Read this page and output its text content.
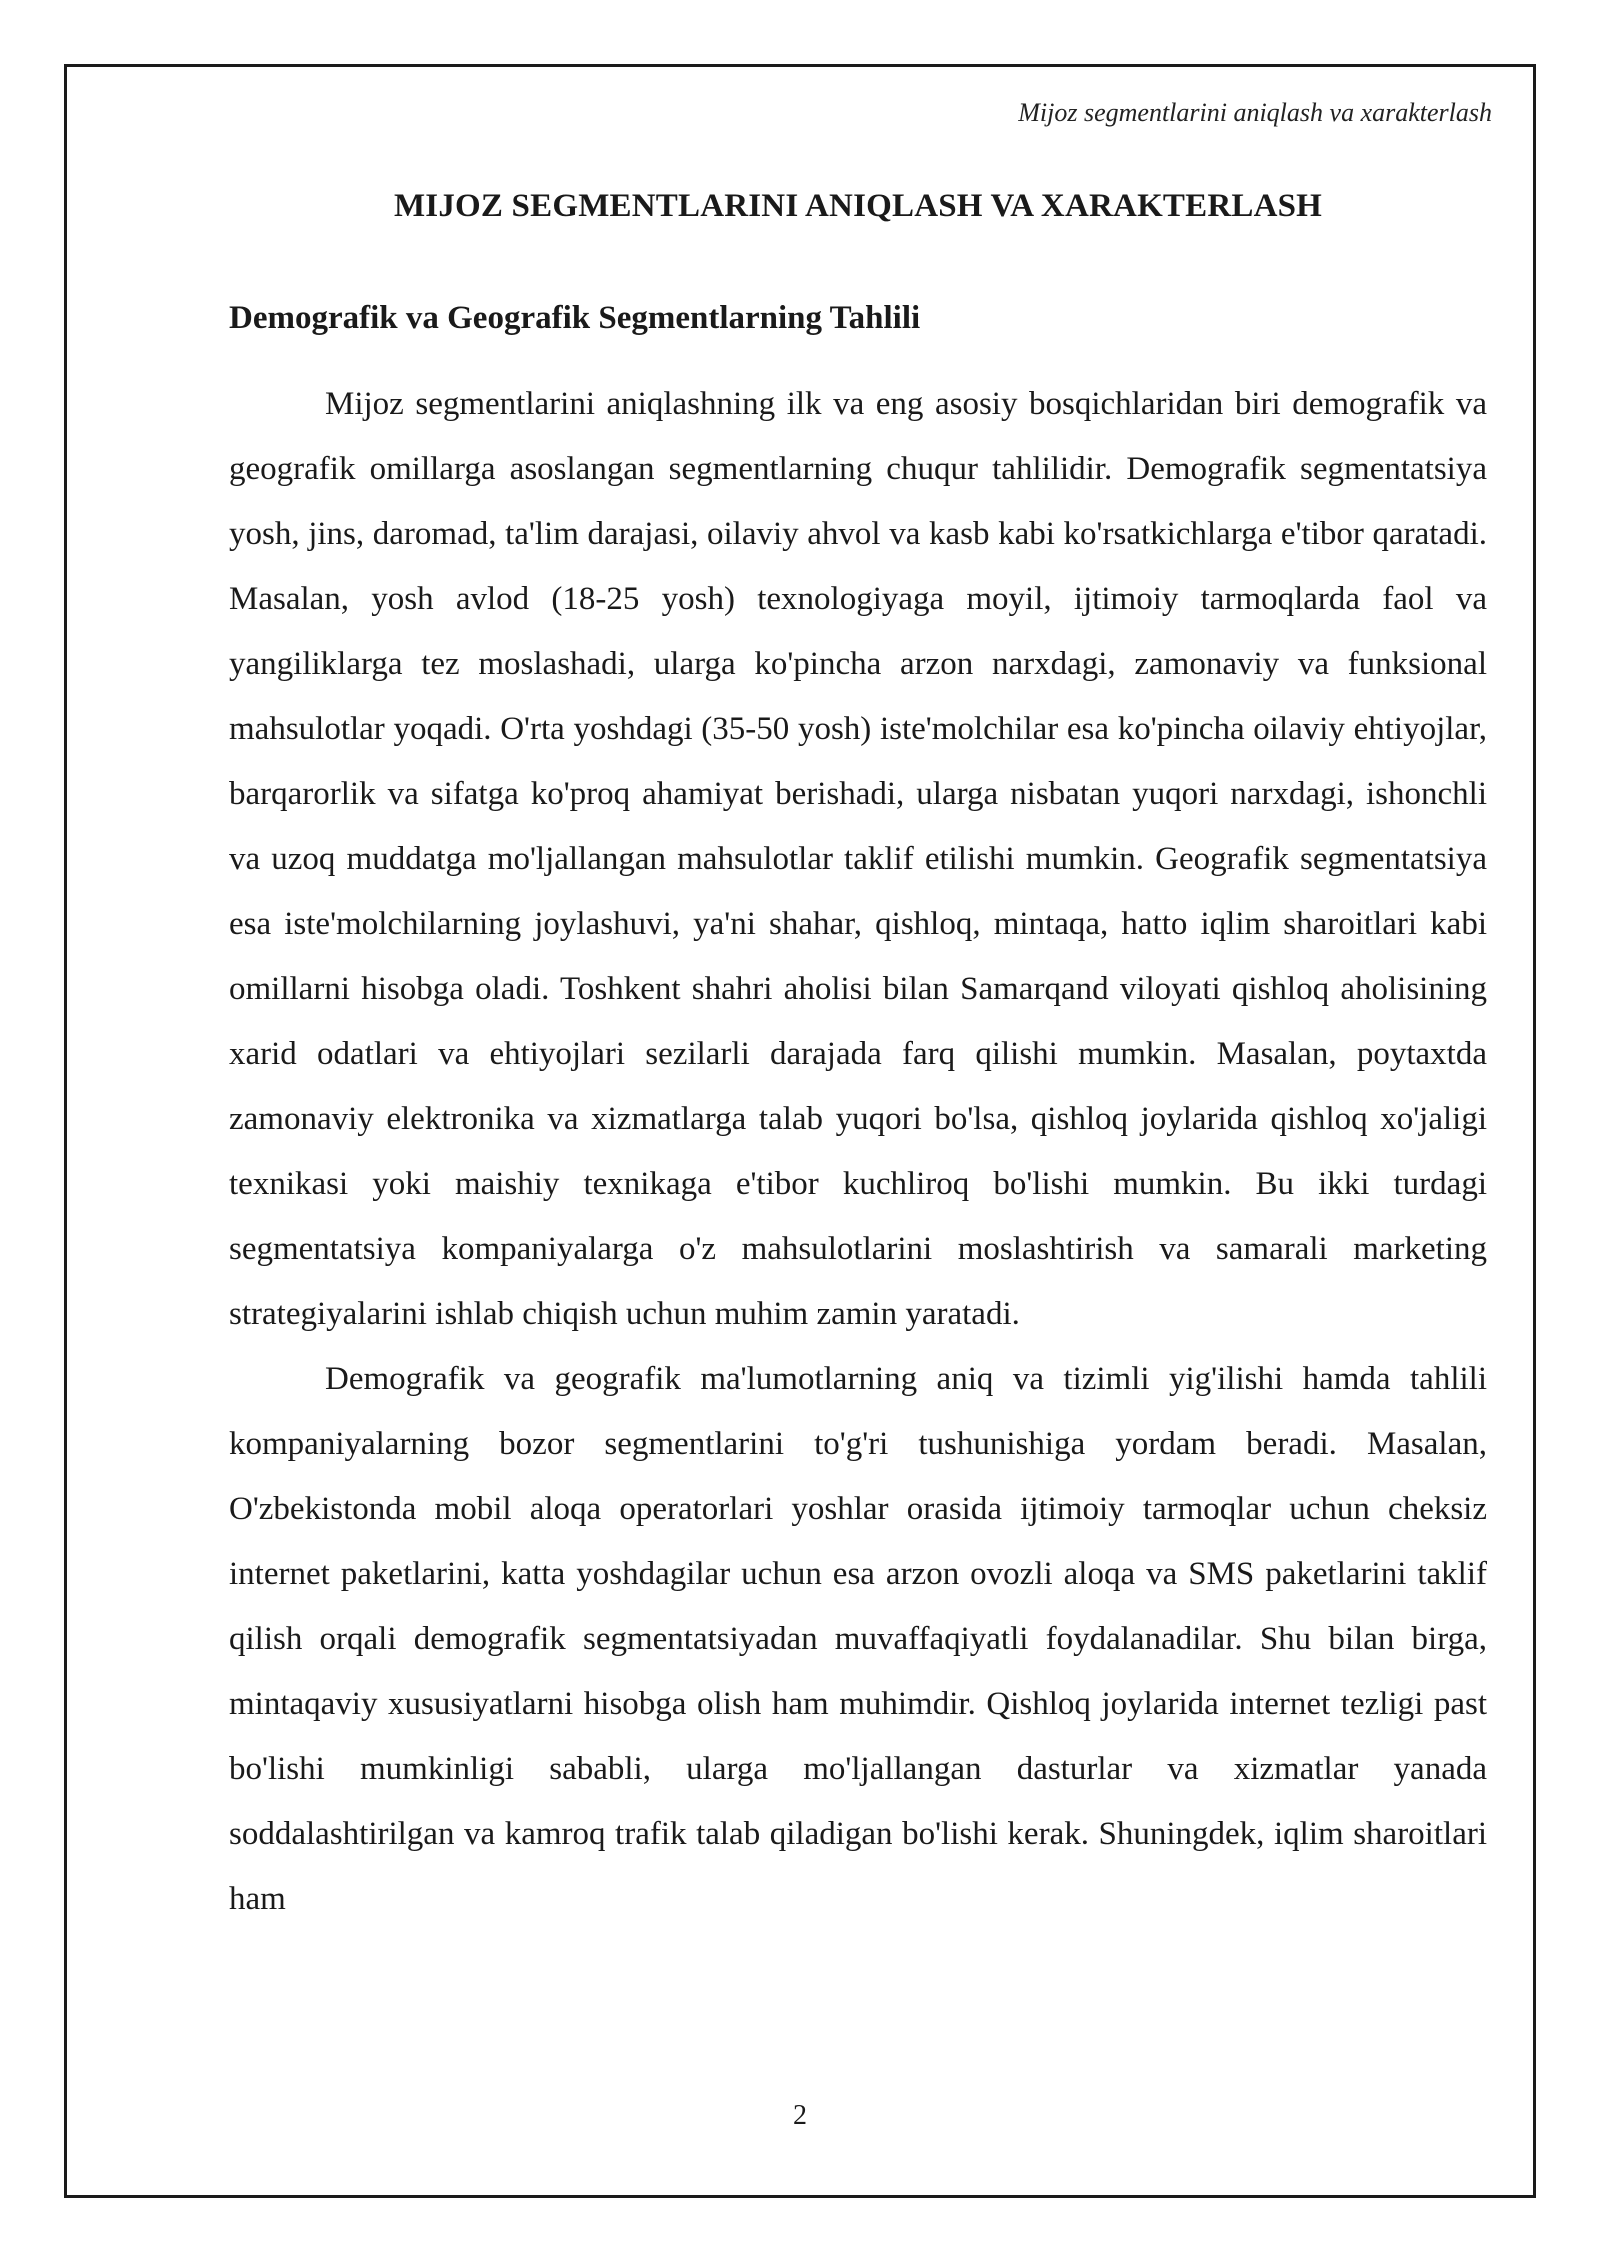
Mijoz segmentlarini aniqlash va xarakterlash
MIJOZ SEGMENTLARINI ANIQLASH VA XARAKTERLASH
Demografik va Geografik Segmentlarning Tahlili

Mijoz segmentlarini aniqlashning ilk va eng asosiy bosqichlaridan biri demografik va geografik omillarga asoslangan segmentlarning chuqur tahlilidir. Demografik segmentatsiya yosh, jins, daromad, ta'lim darajasi, oilaviy ahvol va kasb kabi ko'rsatkichlarga e'tibor qaratadi. Masalan, yosh avlod (18-25 yosh) texnologiyaga moyil, ijtimoiy tarmoqlarda faol va yangiliklarga tez moslashadi, ularga ko'pincha arzon narxdagi, zamonaviy va funksional mahsulotlar yoqadi. O'rta yoshdagi (35-50 yosh) iste'molchilar esa ko'pincha oilaviy ehtiyojlar, barqarorlik va sifatga ko'proq ahamiyat berishadi, ularga nisbatan yuqori narxdagi, ishonchli va uzoq muddatga mo'ljallangan mahsulotlar taklif etilishi mumkin. Geografik segmentatsiya esa iste'molchilarning joylashuvi, ya'ni shahar, qishloq, mintaqa, hatto iqlim sharoitlari kabi omillarni hisobga oladi. Toshkent shahri aholisi bilan Samarqand viloyati qishloq aholisining xarid odatlari va ehtiyojlari sezilarli darajada farq qilishi mumkin. Masalan, poytaxtda zamonaviy elektronika va xizmatlarga talab yuqori bo'lsa, qishloq joylarida qishloq xo'jaligi texnikasi yoki maishiy texnikaga e'tibor kuchliroq bo'lishi mumkin. Bu ikki turdagi segmentatsiya kompaniyalarga o'z mahsulotlarini moslashtirish va samarali marketing strategiyalarini ishlab chiqish uchun muhim zamin yaratadi.

Demografik va geografik ma'lumotlarning aniq va tizimli yig'ilishi hamda tahlili kompaniyalarning bozor segmentlarini to'g'ri tushunishiga yordam beradi. Masalan, O'zbekistonda mobil aloqa operatorlari yoshlar orasida ijtimoiy tarmoqlar uchun cheksiz internet paketlarini, katta yoshdagilar uchun esa arzon ovozli aloqa va SMS paketlarini taklif qilish orqali demografik segmentatsiyadan muvaffaqiyatli foydalanadilar. Shu bilan birga, mintaqaviy xususiyatlarni hisobga olish ham muhimdir. Qishloq joylarida internet tezligi past bo'lishi mumkinligi sababli, ularga mo'ljallangan dasturlar va xizmatlar yanada soddalashtirilgan va kamroq trafik talab qiladigan bo'lishi kerak. Shuningdek, iqlim sharoitlari ham

2
